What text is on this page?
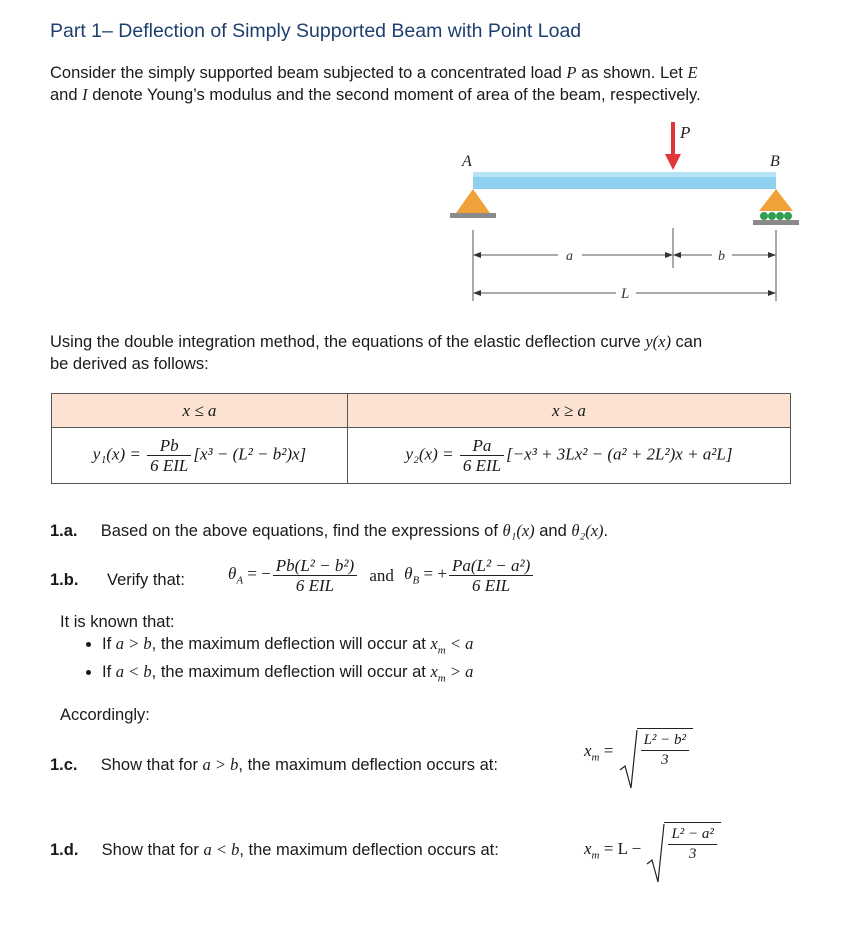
Part 1– Deflection of Simply Supported Beam with Point Load
Consider the simply supported beam subjected to a concentrated load P as shown. Let E
and I denote Young’s modulus and the second moment of area of the beam, respectively.
P
A	B
a	b
L
Using the double integration method, the equations of the elastic deflection curve y(x) can
be derived as follows:
x ≤ a	x ≥ a
$y_1(x) = \frac{Pb}{\text{6 EIL}} [x^3 - (L^2 - b^2)x]$	$y_2(x) = \frac{Pa}{\text{6 EIL}} [-x^3 + 3Lx^2 - (a^2 + 2L^2)x + a^2L]$
1.a. Based on the above equations, find the expressions of θ₁(x) and θ₂(x).
1.b. Verify that:	$\theta_A$ = − $\frac{\text{Pb(L² − b²)}}{\text{6 EIL}}$ and $\theta_B$ = + $\frac{\text{Pa(L² − a²)}}{\text{6 EIL}}$
It is known that:
• If a > b, the maximum deflection will occur at $x_m < a$
• If a < b, the maximum deflection will occur at $x_m > a$
Accordingly:
1.c. Show that for a > b, the maximum deflection occurs at:
$x_m = \frac{\text{L² − b²}}{3}$
1.d. Show that for a < b, the maximum deflection occurs at:	$x_m = L - \frac{\text{L² − a²}}{3}$
